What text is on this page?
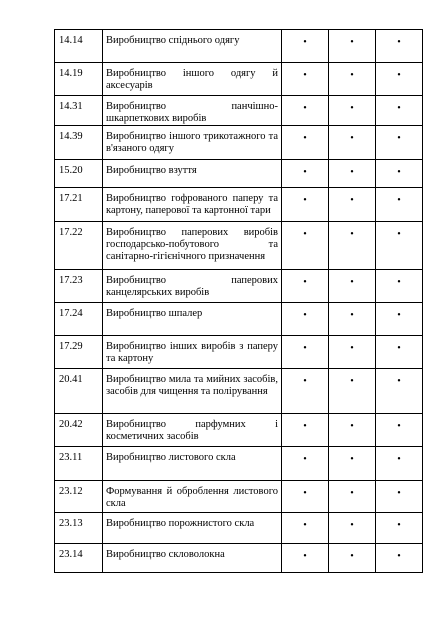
14.14	Виробництво спіднього одягу	•	•	•
14.19	Виробництво іншого одягу й аксесуарів	•	•	•
14.31	Виробництво панчішно-шкарпеткових виробів	•	•	•
14.39	Виробництво іншого трикотажного та в'язаного одягу	•	•	•
15.20	Виробництво взуття	•	•	•
17.21	Виробництво гофрованого паперу та картону, паперової та картонної тари	•	•	•
17.22	Виробництво паперових виробів господарсько-побутового та санітарно-гігієнічного призначення	•	•	•
17.23	Виробництво паперових канцелярських виробів	•	•	•
17.24	Виробництво шпалер	•	•	•
17.29	Виробництво інших виробів з паперу та картону	•	•	•
20.41	Виробництво мила та мийних засобів, засобів для чищення та полірування	•	•	•
20.42	Виробництво парфумних і косметичних засобів	•	•	•
23.11	Виробництво листового скла	•	•	•
23.12	Формування й оброблення листового скла	•	•	•
23.13	Виробництво порожнистого скла	•	•	•
23.14	Виробництво скловолокна	•	•	•
